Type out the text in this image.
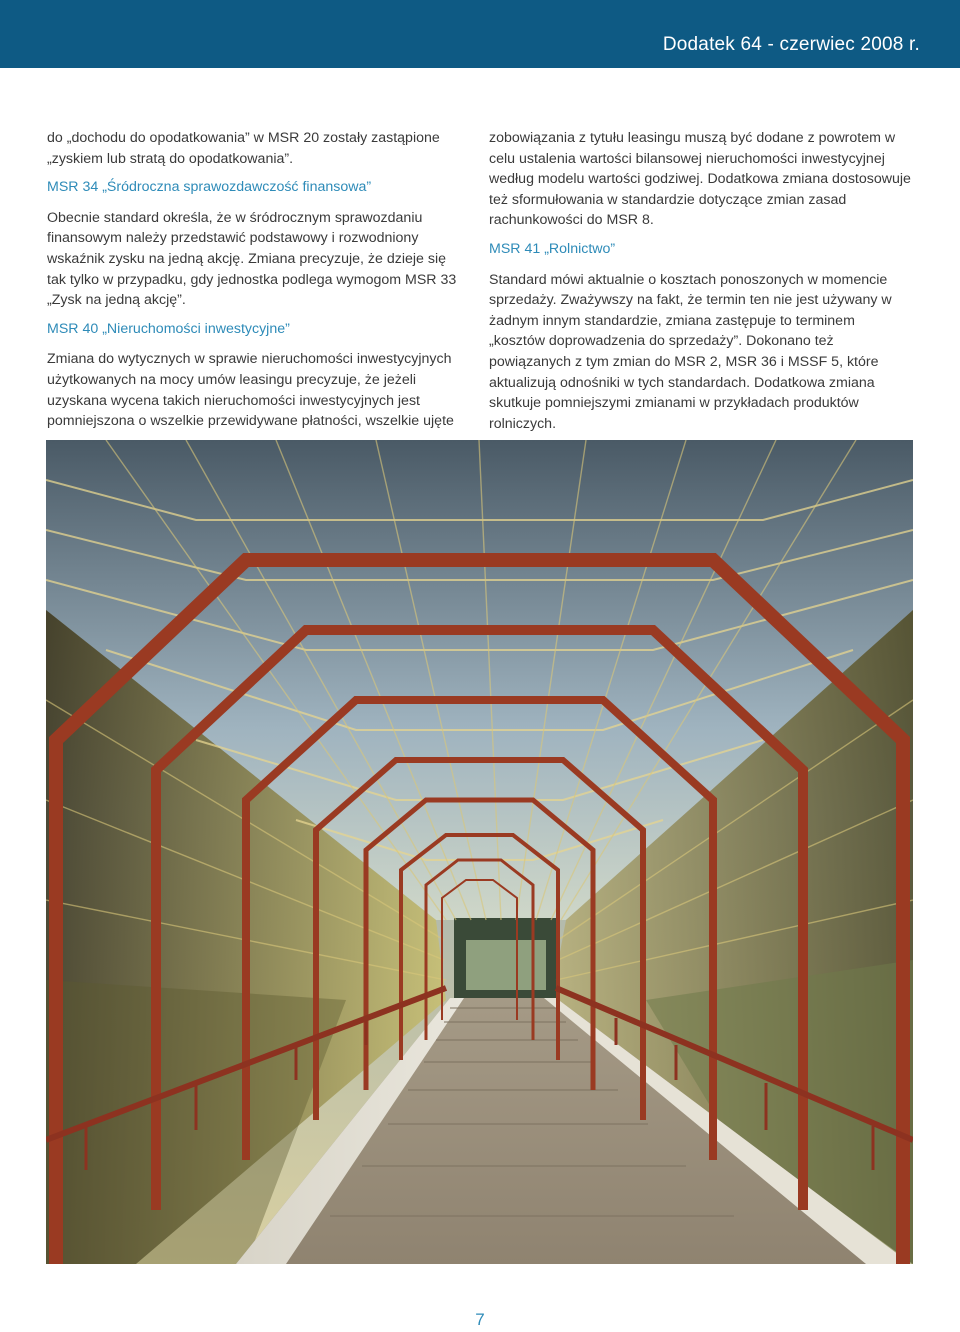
Dodatek 64 - czerwiec 2008 r.

do „dochodu do opodatkowania” w MSR 20 zostały zastąpione „zyskiem lub stratą do opodatkowania”.

MSR 34 „Śródroczna sprawozdawczość finansowa”

Obecnie standard określa, że w śródrocznym sprawozdaniu finansowym należy przedstawić podstawowy i rozwodniony wskaźnik zysku na jedną akcję. Zmiana precyzuje, że dzieje się tak tylko w przypadku, gdy jednostka podlega wymogom MSR 33 „Zysk na jedną akcję”.

MSR 40 „Nieruchomości inwestycyjne”

Zmiana do wytycznych w sprawie nieruchomości inwestycyjnych użytkowanych na mocy umów leasingu precyzuje, że jeżeli uzyskana wycena takich nieruchomości inwestycyjnych jest pomniejszona o wszelkie przewidywane płatności, wszelkie ujęte

zobowiązania z tytułu leasingu muszą być dodane z powrotem w celu ustalenia wartości bilansowej nieruchomości inwestycyjnej według modelu wartości godziwej. Dodatkowa zmiana dostosowuje też sformułowania w standardzie dotyczące zmian zasad rachunkowości do MSR 8.

MSR 41 „Rolnictwo”

Standard mówi aktualnie o kosztach ponoszonych w momencie sprzedaży. Zważywszy na fakt, że termin ten nie jest używany w żadnym innym standardzie, zmiana zastępuje to terminem „kosztów doprowadzenia do sprzedaży”. Dokonano też powiązanych z tym zmian do MSR 2, MSR 36 i MSSF 5, które aktualizują odnośniki w tych standardach. Dodatkowa zmiana skutkuje pomniejszymi zmianami w przykładach produktów rolniczych.

7
